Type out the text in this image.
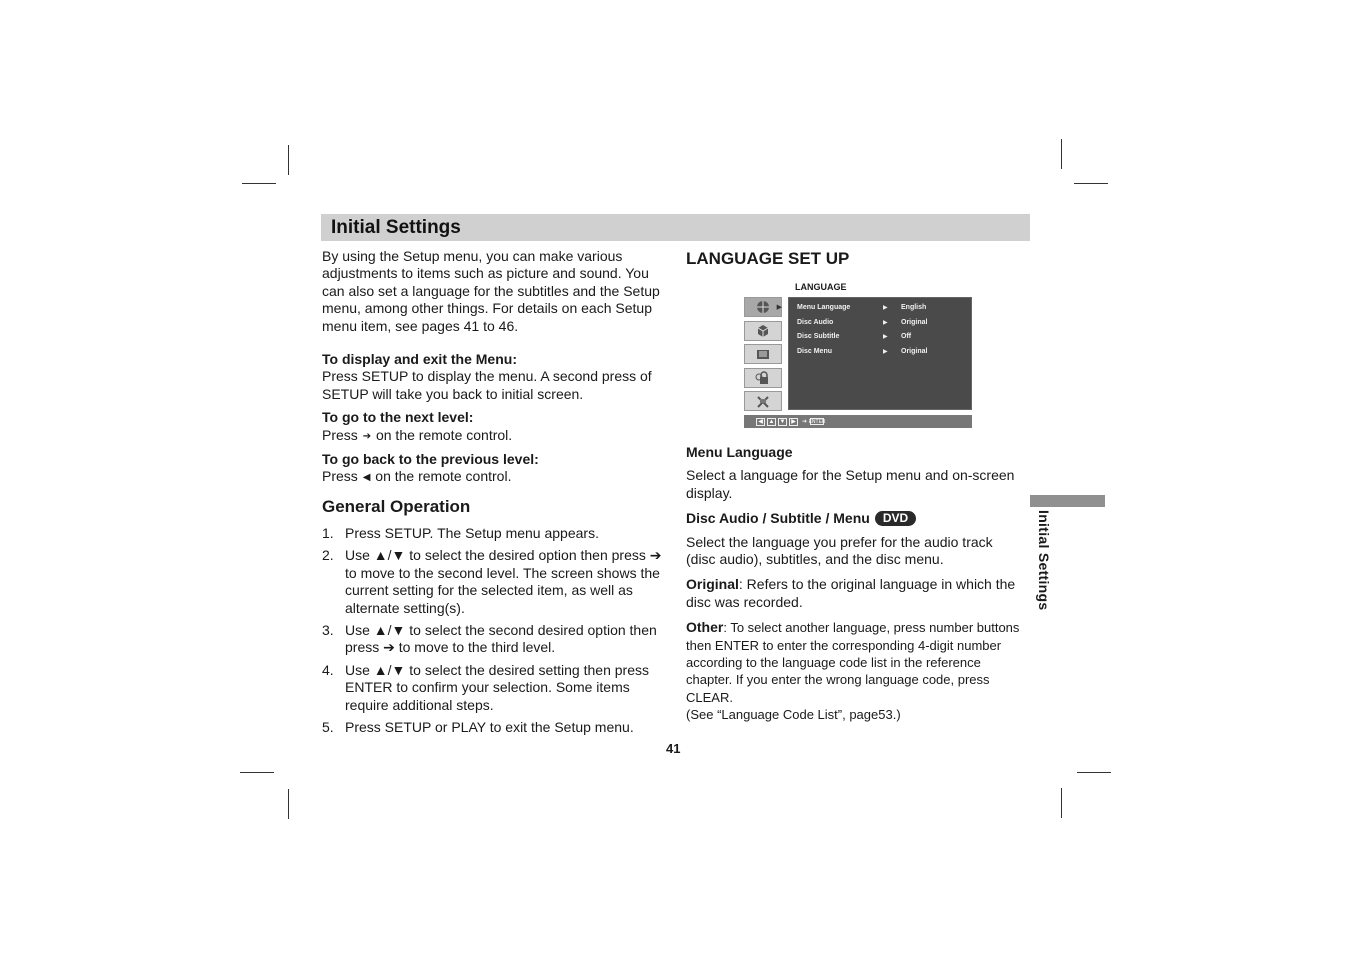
Initial Settings

By using the Setup menu, you can make various adjustments to items such as picture and sound. You can also set a language for the subtitles and the Setup menu, among other things. For details on each Setup menu item, see pages 41 to 46.

To display and exit the Menu:

Press SETUP to display the menu. A second press of SETUP will take you back to initial screen.

To go to the next level:

Press ➔ on the remote control.

To go back to the previous level:

Press ◀ on the remote control.

General Operation
1. Press SETUP. The Setup menu appears.
2. Use ▲/▼ to select the desired option then press ➔ to move to the second level. The screen shows the current setting for the selected item, as well as alternate setting(s).
3. Use ▲/▼ to select the second desired option then press ➔ to move to the third level.
4. Use ▲/▼ to select the desired setting then press ENTER to confirm your selection. Some items require additional steps.
5. Press SETUP or PLAY to exit the Setup menu.
LANGUAGE SET UP
LANGUAGE
▶ Menu Language	▶ English
Disc Audio	▶ Original
Disc Subtitle	▶ Off
Disc Menu	▶ Original
◀ ▲ ▼ ▶	➔ ENTER

Menu Language

Select a language for the Setup menu and on-screen display.

Disc Audio / Subtitle / Menu DVD

Select the language you prefer for the audio track (disc audio), subtitles, and the disc menu.

Original: Refers to the original language in which the disc was recorded.

Other: To select another language, press number buttons then ENTER to enter the corresponding 4-digit number according to the language code list in the reference chapter. If you enter the wrong language code, press CLEAR.

(See “Language Code List”, page53.)

Initial Settings
41
